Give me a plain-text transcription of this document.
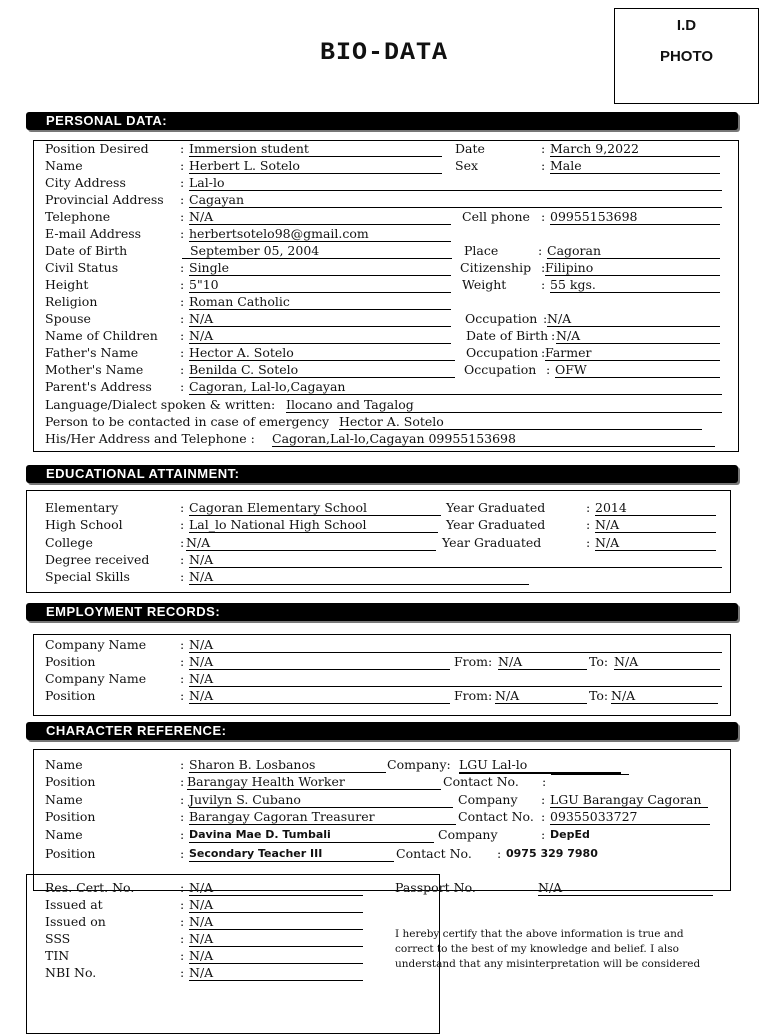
BIO-DATA
I.D
PHOTO
PERSONAL DATA:
Position Desired	: Immersion student	Date	: March 9,2022
Name	: Herbert L. Sotelo	Sex	: Male
City Address	: Lal-lo
Provincial Address : Cagayan
Telephone	: N/A	Cell phone : 09955153698
E-mail Address	: herbertsotelo98@gmail.com
Date of Birth	September 05, 2004	Place	: Cagoran
Civil Status	: Single	Citizenship : Filipino
Height	: 5"10	Weight	: 55 kgs.
Religion	: Roman Catholic
Spouse	: N/A	Occupation : N/A
Name of Children : N/A	Date of Birth : N/A
Father's Name	: Hector A. Sotelo	Occupation : Farmer
Mother's Name	: Benilda C. Sotelo	Occupation : OFW
Parent's Address : Cagoran, Lal-lo,Cagayan
Language/Dialect spoken & written: Ilocano and Tagalog
Person to be contacted in case of emergency Hector A. Sotelo
His/Her Address and Telephone : Cagoran,Lal-lo,Cagayan 09955153698
EDUCATIONAL ATTAINMENT:
Elementary	: Cagoran Elementary School	Year Graduated	: 2014
High School	: Lal_lo National High School	Year Graduated	: N/A
College	: N/A	Year Graduated	: N/A
Degree received : N/A
Special Skills	: N/A
EMPLOYMENT RECORDS:
Company Name	: N/A
Position	: N/A	From: N/A	To: N/A
Company Name	: N/A
Position	: N/A	From: N/A	To: N/A
CHARACTER REFERENCE:
Name	: Sharon B. Losbanos	Company: LGU Lal-lo
Position	: Barangay Health Worker	Contact No. :
Name	: Juvilyn S. Cubano	Company : LGU Barangay Cagoran
Position	: Barangay Cagoran Treasurer	Contact No. : 09355033727
Name	: Davina Mae D. Tumbali	Company	: DepEd
Position	: Secondary Teacher III	Contact No. : 0975 329 7980
Res. Cert. No.	: N/A	Passport No.	N/A
Issued at	: N/A
Issued on	: N/A
SSS	: N/A
TIN	: N/A
NBI No.	: N/A
I hereby certify that the above information is true and correct to the best of my knowledge and belief. I also understand that any misinterpretation will be considered
